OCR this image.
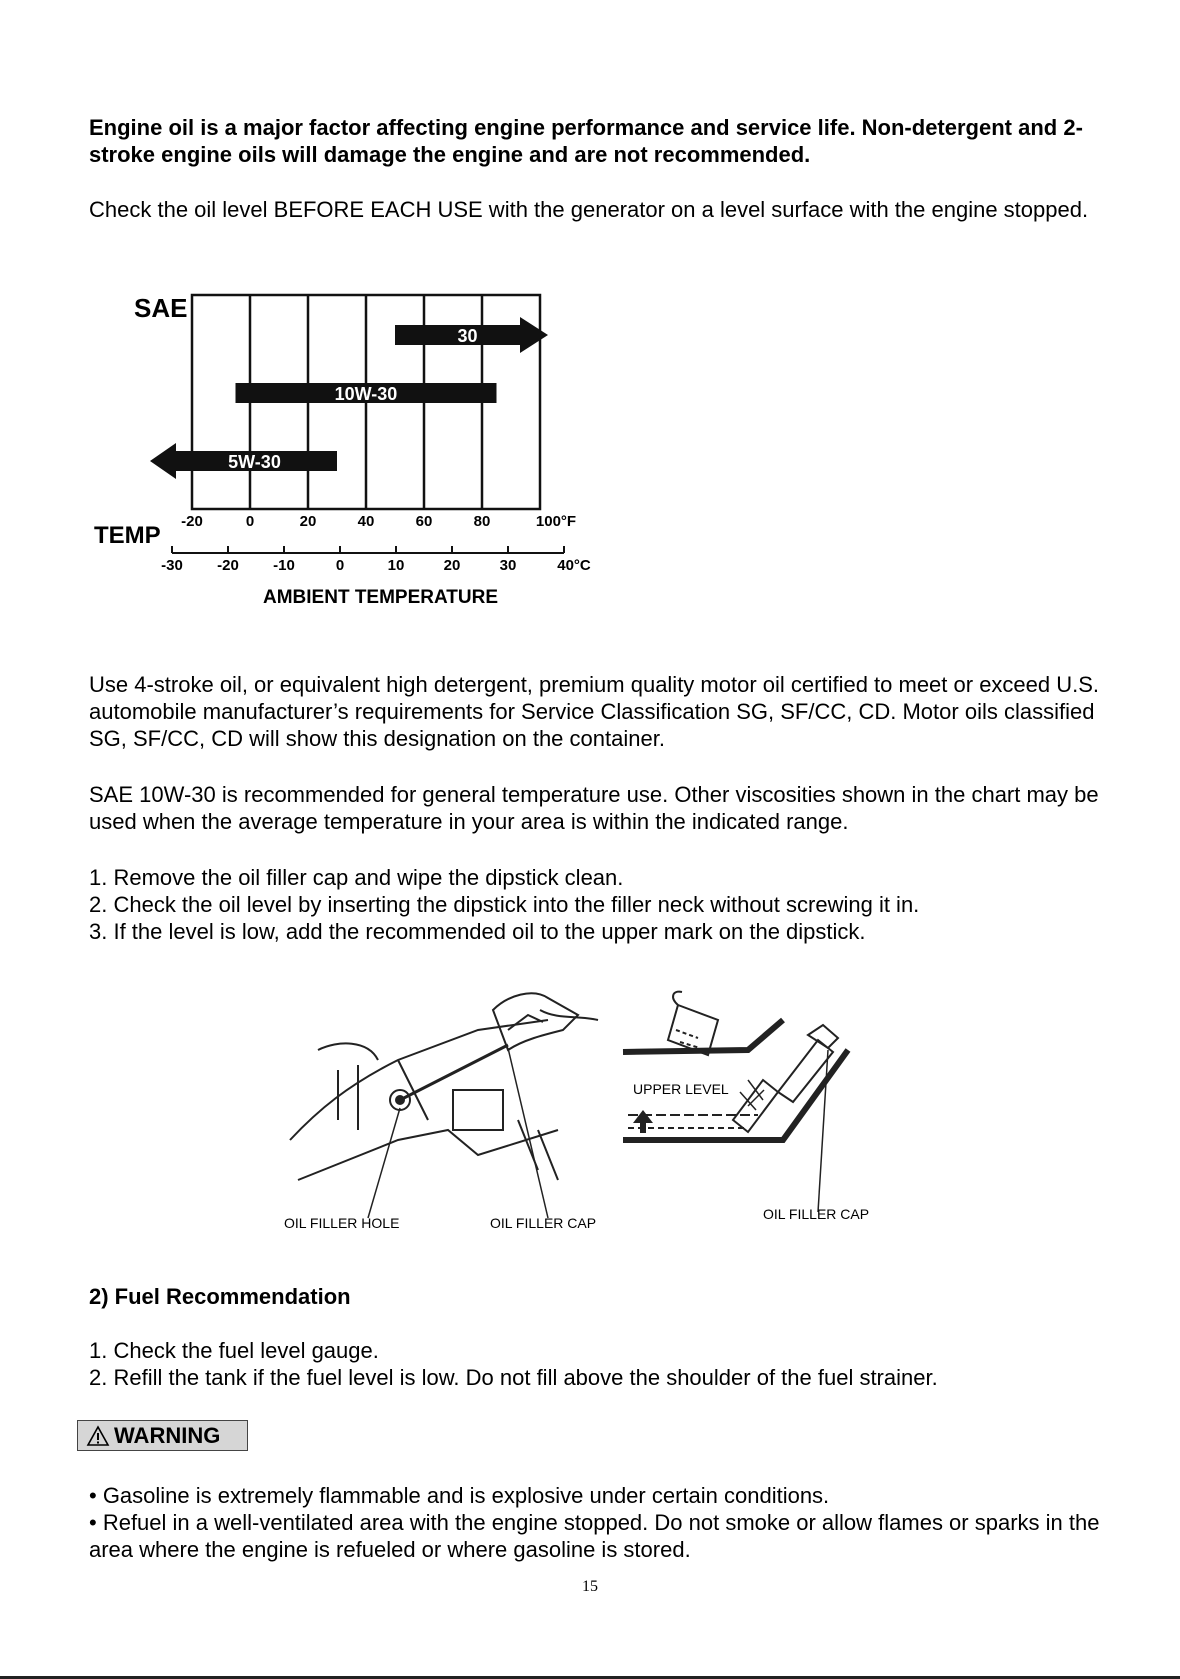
Engine oil is a major factor affecting engine performance and service life. Non-detergent and 2-stroke engine oils will damage the engine and are not recommended.

Check the oil level BEFORE EACH USE with the generator on a level surface with the engine stopped.

SAE
30
10W-30
5W-30
TEMP
-20	0	20	40	60	80	100°F
-30 -20 -10	0	10	20	30	40°C
AMBIENT TEMPERATURE

Use 4-stroke oil, or equivalent high detergent, premium quality motor oil certified to meet or exceed U.S. automobile manufacturer’s requirements for Service Classification SG, SF/CC, CD. Motor oils classified SG, SF/CC, CD will show this designation on the container.

SAE 10W-30 is recommended for general temperature use. Other viscosities shown in the chart may be used when the average temperature in your area is within the indicated range.

1. Remove the oil filler cap and wipe the dipstick clean.

2. Check the oil level by inserting the dipstick into the filler neck without screwing it in.

3. If the level is low, add the recommended oil to the upper mark on the dipstick.

OIL FILLER HOLE	OIL FILLER CAP
UPPER LEVEL
OIL FILLER CAP

2) Fuel Recommendation

1. Check the fuel level gauge.

2. Refill the tank if the fuel level is low. Do not fill above the shoulder of the fuel strainer.

WARNING

• Gasoline is extremely flammable and is explosive under certain conditions.

• Refuel in a well-ventilated area with the engine stopped. Do not smoke or allow flames or sparks in the area where the engine is refueled or where gasoline is stored.

15
